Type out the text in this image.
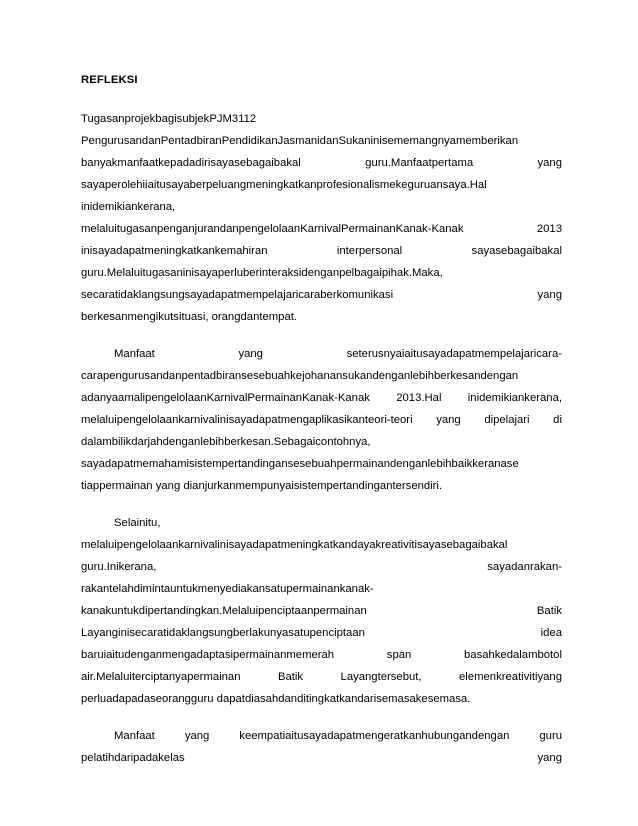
REFLEKSI
TugasanprojekbagisubjekPJM3112
PengurusandanPentadbiranPendidikanJasmanidanSukaninisememangnyamemberikan
banyakmanfaatkepadadirisayasebagaibakal	guru.Manfaatpertama	yang
sayaperolehiiaitusayaberpeluangmeningkatkanprofesionalismekeguruansaya.Hal
inidemikiankerana,
melaluitugasanpenganjurandanpengelolaanKarnivalPermainanKanak-Kanak	2013
inisayadapatmeningkatkankemahiran	interpersonal	sayasebagaibakal
guru.Melaluitugasaninisayaperluberinteraksidenganpelbagaipihak.Maka,
secaratidaklangsungsayadapatmempelajaricaraberkomunikasi	yang
berkesanmengikutsituasi, orangdantempat.
Manfaat	yang	seterusnyaiaitusayadapatmempelajaricara-
carapengurusandanpentadbiransesebuahkejohanansukandenganlebihberkesandengan
adanyaamalipengelolaanKarnivalPermainanKanak-Kanak 2013.Hal inidemikiankerana,
melaluipengelolaankarnivalinisayadapatmengaplikasikanteori-teori yang dipelajari di
dalambilikdarjahdenganlebihberkesan.Sebagaicontohnya,
sayadapatmemahamisistempertandingansesebuahpermainandenganlebihbaikkeranase
tiappermainan yang dianjurkanmempunyaisistempertandingantersendiri.
Selainitu,
melaluipengelolaankarnivalinisayadapatmeningkatkandayakreativitisayasebagaibakal
guru.Inikerana,	sayadanrakan-
rakantelahdimintauntukmenyediakansatupermainankanak-
kanakuntukdipertandingkan.Melaluipenciptaanpermainan	Batik
Layanginisecaratidaklangsungberlakunyasatupenciptaan	idea
baruiaitudenganmengadaptasipermainanmemerah	span	basahkedalambotol
air.Melaluiterciptanyapermainan	Batik	Layangtersebut,	elemenkreativitiyang
perluadapadaseorangguru dapatdiasahdanditingkatkandarisemasakesemasa.
Manfaat	yang	keempatiaitusayadapatmengeratkanhubungandengan	guru
pelatihdaripadakelas	yang
